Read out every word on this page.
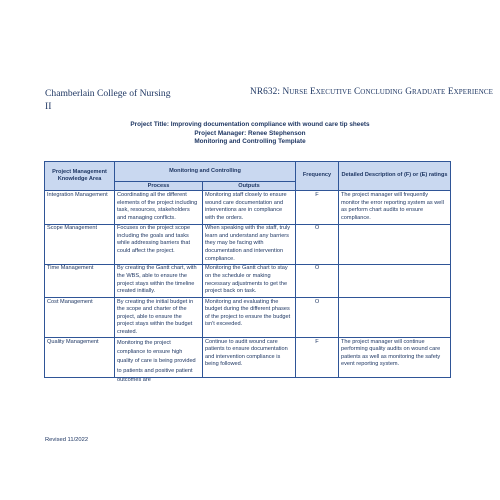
Chamberlain College of Nursing
II
NR632: Nurse Executive Concluding Graduate Experience
Project Title: Improving documentation compliance with wound care tip sheets
Project Manager: Renee Stephenson
Monitoring and Controlling Template
Project Management Knowledge Area	Monitoring and Controlling		Frequency	Detailed Description of (F) or (E) ratings
	Process	Outputs		
Integration Management	Coordinating all the different elements of the project including task, resources, stakeholders and managing conflicts.	Monitoring staff closely to ensure wound care documentation and interventions are in compliance with the orders.	F	The project manager will frequently monitor the error reporting system as well as perform chart audits to ensure compliance.
Scope Management	Focuses on the project scope including the goals and tasks while addressing barriers that could affect the project.	When speaking with the staff, truly learn and understand any barriers they may be facing with documentation and intervention compliance.	O	
Time Management	By creating the Gantt chart, with the WBS, able to ensure the project stays within the timeline created initially.	Monitoring the Gantt chart to stay on the schedule or making necessary adjustments to get the project back on task.	O	
Cost Management	By creating the initial budget in the scope and charter of the project, able to ensure the project stays within the budget created.	Monitoring and evaluating the budget during the different phases of the project to ensure the budget isn't exceeded.	O	
Quality Management	Monitoring the project compliance to ensure high quality of care is being provided to patients and positive patient outcomes are	Continue to audit wound care patients to ensure documentation and intervention compliance is being followed.	F	The project manager will continue performing quality audits on wound care patients as well as monitoring the safety event reporting system.
Revised 11/2022
